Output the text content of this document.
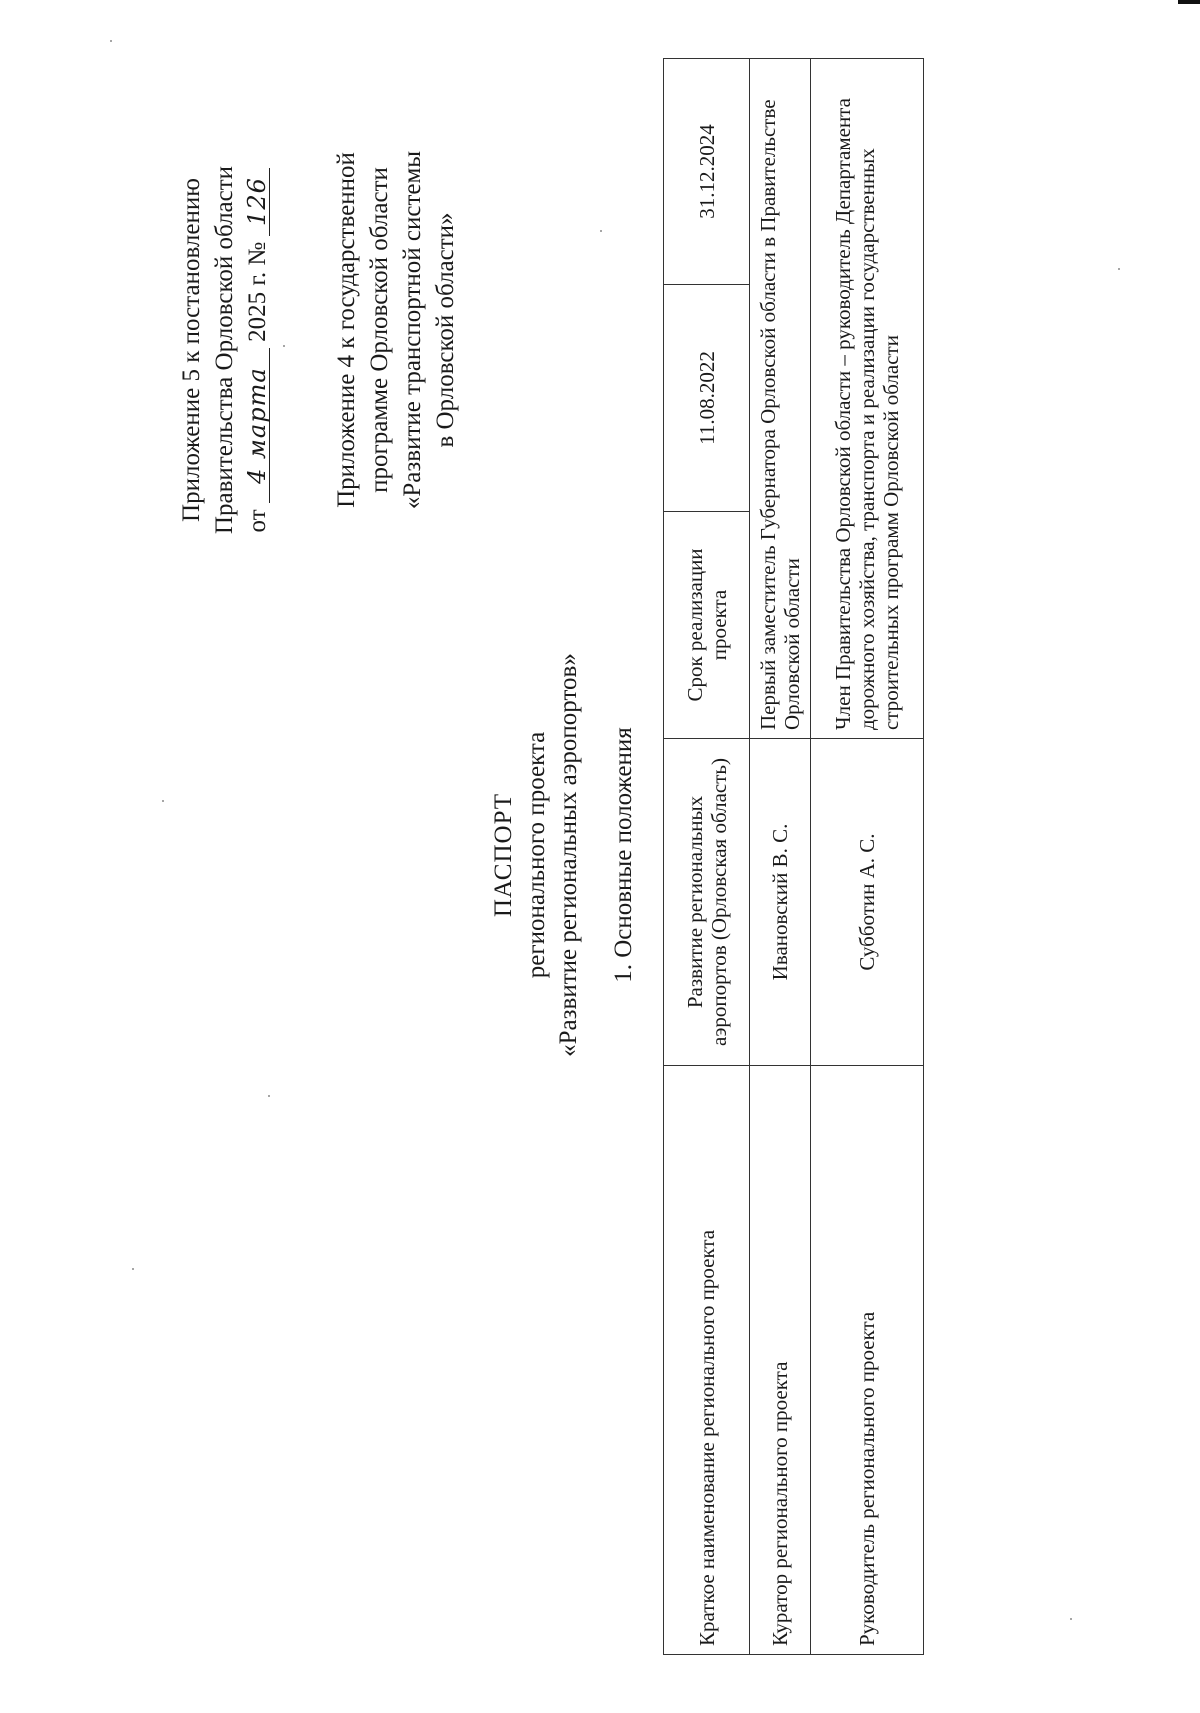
Приложение 5 к постановлению Правительства Орловской области от 4 марта 2025 г. № 126 Приложение 4 к государственной программе Орловской области «Развитие транспортной системы в Орловской области»
ПАСПОРТ регионального проекта «Развитие региональных аэропортов» 1. Основные положения
Краткое наименование регионального проекта	Развитие региональных аэропортов (Орловская область)	Срок реализации проекта	11.08.2022	31.12.2024
Куратор регионального проекта	Ивановский В. С.	Первый заместитель Губернатора Орловской области в Правительстве Орловской области		
Руководитель регионального проекта	Субботин А. С.	Член Правительства Орловской области – руководитель Департамента дорожного хозяйства, транспорта и реализации государственных строительных программ Орловской области		
